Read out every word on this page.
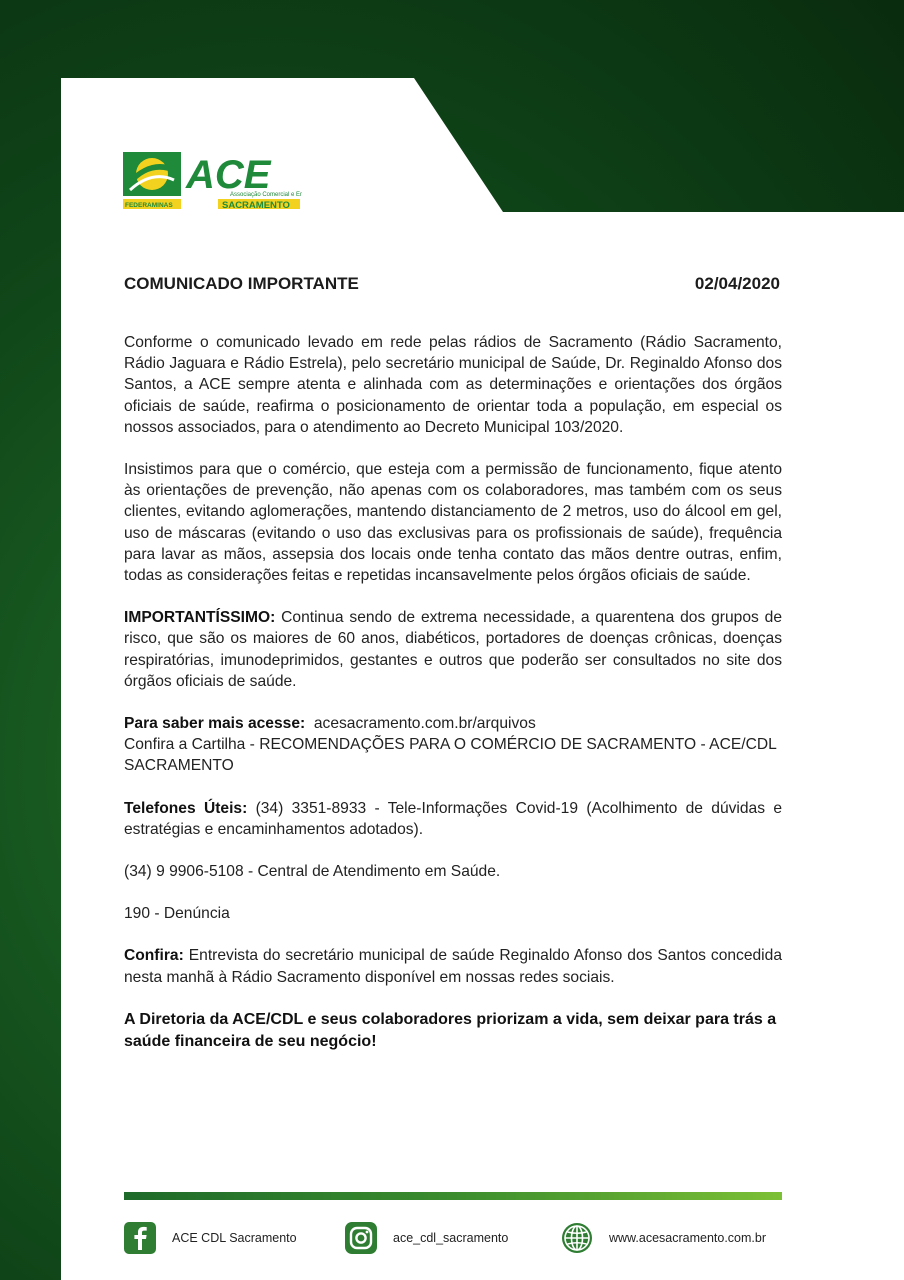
ACE
Associação Comercial e E
FEDERAMINAS	SACRAMENTO
COMUNICADO IMPORTANTE	02/04/2020

Conforme o comunicado levado em rede pelas rádios de Sacramento (Rádio Sacramento, Rádio Jaguara e Rádio Estrela), pelo secretário municipal de Saúde, Dr. Reginaldo Afonso dos Santos, a ACE sempre atenta e alinhada com as determinações e orientações dos órgãos oficiais de saúde, reafirma o posicionamento de orientar toda a população, em especial os nossos associados, para o atendimento ao Decreto Municipal 103/2020.

Insistimos para que o comércio, que esteja com a permissão de funcionamento, fique atento às orientações de prevenção, não apenas com os colaboradores, mas também com os seus clientes, evitando aglomerações, mantendo distanciamento de 2 metros, uso do álcool em gel, uso de máscaras (evitando o uso das exclusivas para os profissionais de saúde), frequência para lavar as mãos, assepsia dos locais onde tenha contato das mãos dentre outras, enfim, todas as considerações feitas e repetidas incansavelmente pelos órgãos oficiais de saúde.

IMPORTANTÍSSIMO: Continua sendo de extrema necessidade, a quarentena dos grupos de risco, que são os maiores de 60 anos, diabéticos, portadores de doenças crônicas, doenças respiratórias, imunodeprimidos, gestantes e outros que poderão ser consultados no site dos órgãos oficiais de saúde.

Para saber mais acesse:  acesacramento.com.br/arquivos
Confira a Cartilha - RECOMENDAÇÕES PARA O COMÉRCIO DE SACRAMENTO - ACE/CDL SACRAMENTO

Telefones Úteis: (34) 3351-8933 - Tele-Informações Covid-19 (Acolhimento de dúvidas e estratégias e encaminhamentos adotados).

(34) 9 9906-5108 - Central de Atendimento em Saúde.

190 - Denúncia

Confira: Entrevista do secretário municipal de saúde Reginaldo Afonso dos Santos concedida nesta manhã à Rádio Sacramento disponível em nossas redes sociais.

A Diretoria da ACE/CDL e seus colaboradores priorizam a vida, sem deixar para trás a saúde financeira de seu negócio!

ACE CDL Sacramento	ace_cdl_sacramento	www.acesacramento.com.br
